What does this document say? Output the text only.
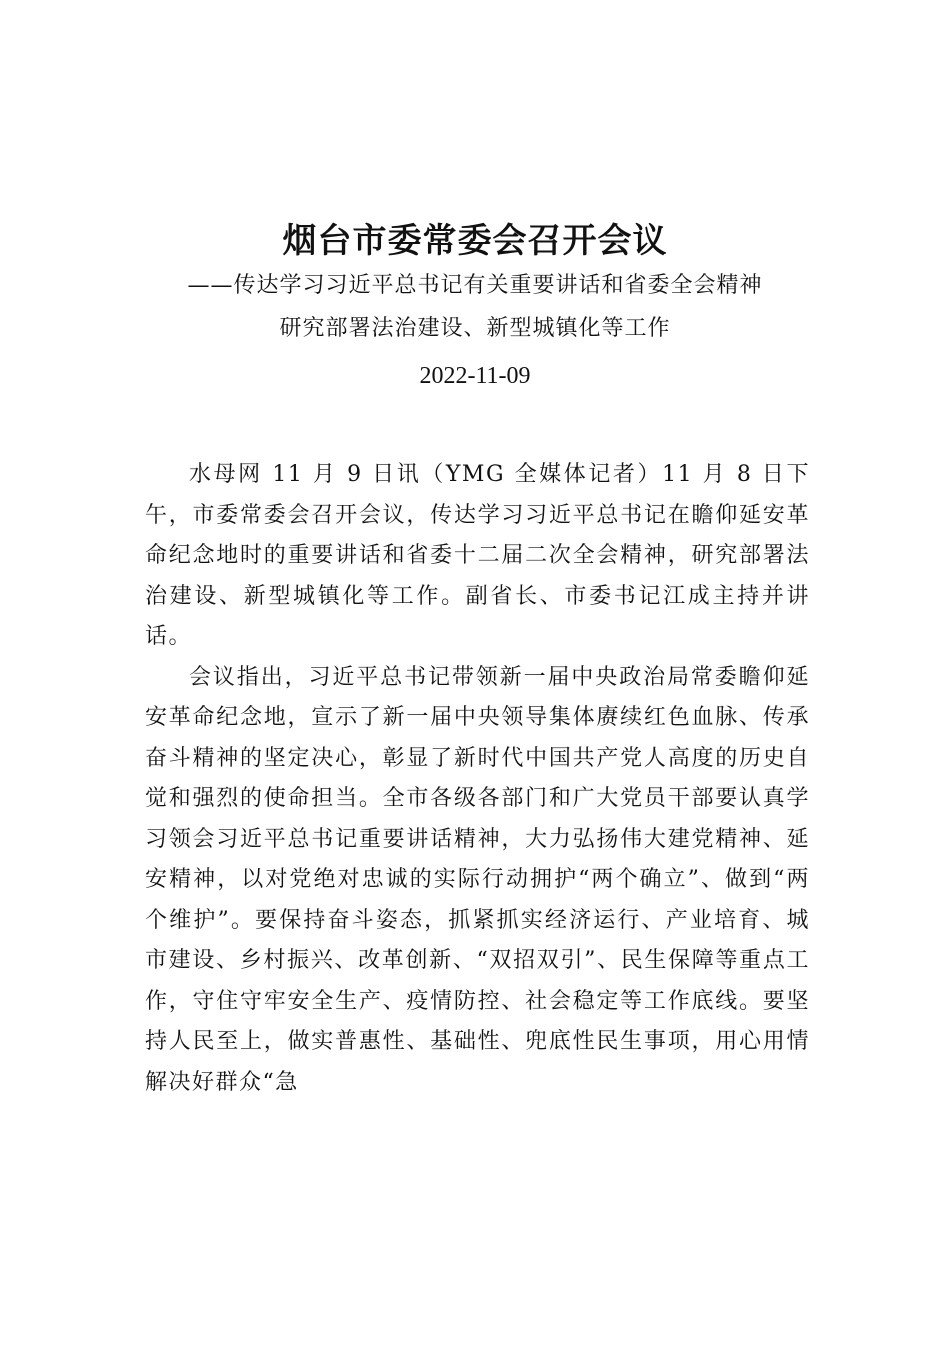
烟台市委常委会召开会议
——传达学习习近平总书记有关重要讲话和省委全会精神
研究部署法治建设、新型城镇化等工作
2022-11-09

水母网 11 月 9 日讯（YMG 全媒体记者）11 月 8 日下午，市委常委会召开会议，传达学习习近平总书记在瞻仰延安革命纪念地时的重要讲话和省委十二届二次全会精神，研究部署法治建设、新型城镇化等工作。副省长、市委书记江成主持并讲话。

会议指出，习近平总书记带领新一届中央政治局常委瞻仰延安革命纪念地，宣示了新一届中央领导集体赓续红色血脉、传承奋斗精神的坚定决心，彰显了新时代中国共产党人高度的历史自觉和强烈的使命担当。全市各级各部门和广大党员干部要认真学习领会习近平总书记重要讲话精神，大力弘扬伟大建党精神、延安精神，以对党绝对忠诚的实际行动拥护“两个确立”、做到“两个维护”。要保持奋斗姿态，抓紧抓实经济运行、产业培育、城市建设、乡村振兴、改革创新、“双招双引”、民生保障等重点工作，守住守牢安全生产、疫情防控、社会稳定等工作底线。要坚持人民至上，做实普惠性、基础性、兜底性民生事项，用心用情解决好群众“急
